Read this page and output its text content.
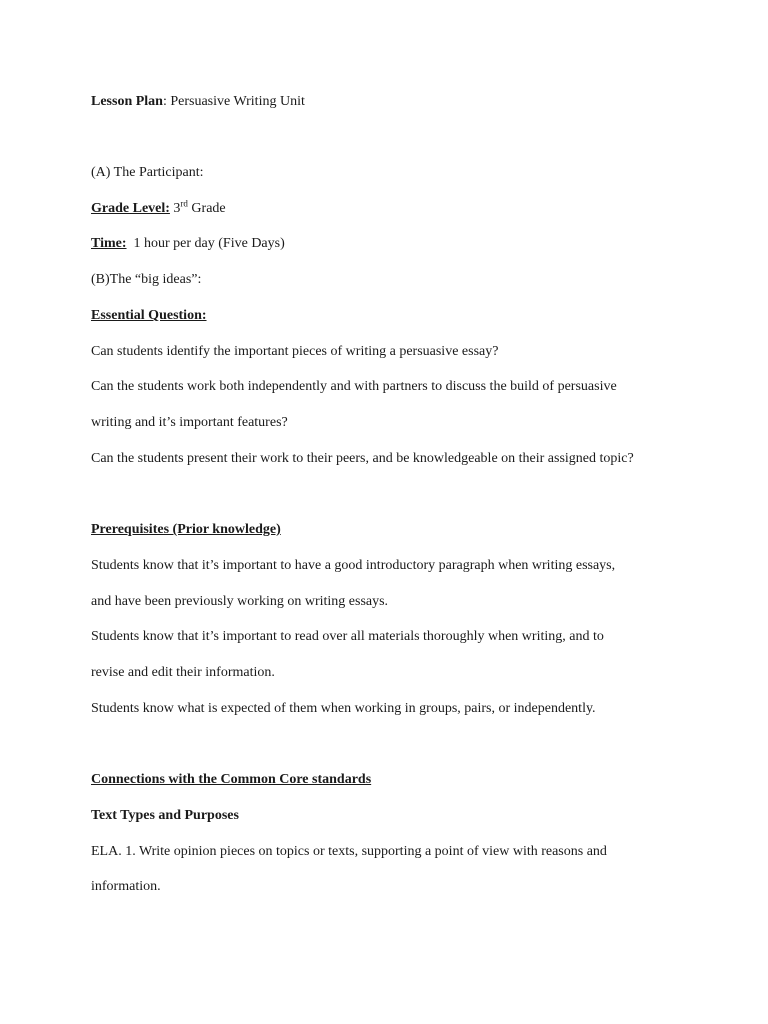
Lesson Plan: Persuasive Writing Unit
(A) The Participant:
Grade Level: 3rd Grade
Time: 1 hour per day (Five Days)
(B)The “big ideas”:
Essential Question:
Can students identify the important pieces of writing a persuasive essay?
Can the students work both independently and with partners to discuss the build of persuasive
writing and it’s important features?
Can the students present their work to their peers, and be knowledgeable on their assigned topic?
Prerequisites (Prior knowledge)
Students know that it’s important to have a good introductory paragraph when writing essays,
and have been previously working on writing essays.
Students know that it’s important to read over all materials thoroughly when writing, and to
revise and edit their information.
Students know what is expected of them when working in groups, pairs, or independently.
Connections with the Common Core standards
Text Types and Purposes
ELA. 1. Write opinion pieces on topics or texts, supporting a point of view with reasons and
information.
